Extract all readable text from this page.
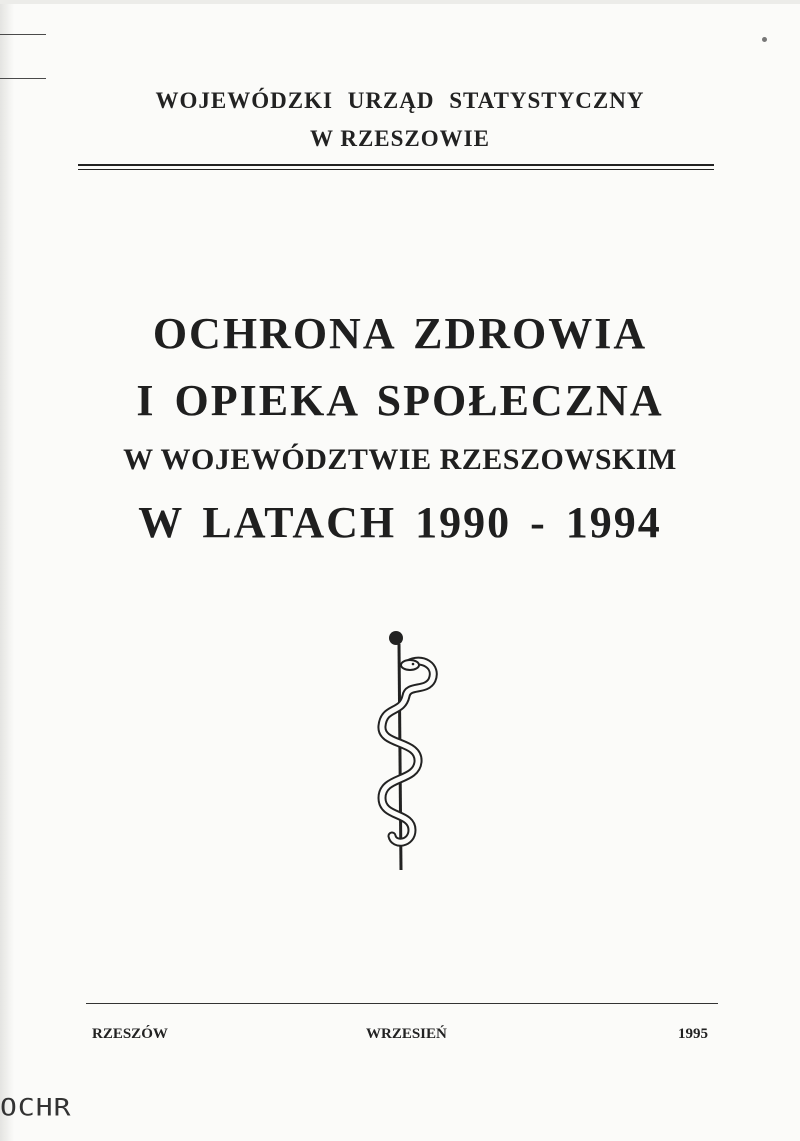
WOJEWÓDZKI URZĄD STATYSTYCZNY
W RZESZOWIE
OCHRONA ZDROWIA
I OPIEKA SPOŁECZNA
W WOJEWÓDZTWIE RZESZOWSKIM
W LATACH 1990 - 1994
RZESZÓW	WRZESIEŃ	1995
OCHR
